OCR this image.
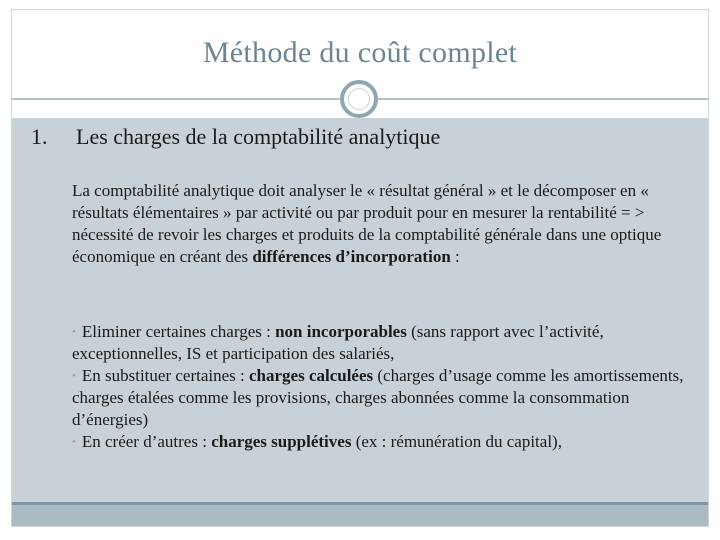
Méthode du coût complet
1. Les charges de la comptabilité analytique

La comptabilité analytique doit analyser le « résultat général » et le décomposer en « résultats élémentaires » par activité ou par produit pour en mesurer la rentabilité = > nécessité de revoir les charges et produits de la comptabilité générale dans une optique économique en créant des différences d’incorporation :

• Eliminer certaines charges : non incorporables (sans rapport avec l’activité, exceptionnelles, IS et participation des salariés,
• En substituer certaines : charges calculées (charges d’usage comme les amortissements, charges étalées comme les provisions, charges abonnées comme la consommation d’énergies)
• En créer d’autres : charges supplétives (ex : rémunération du capital),
